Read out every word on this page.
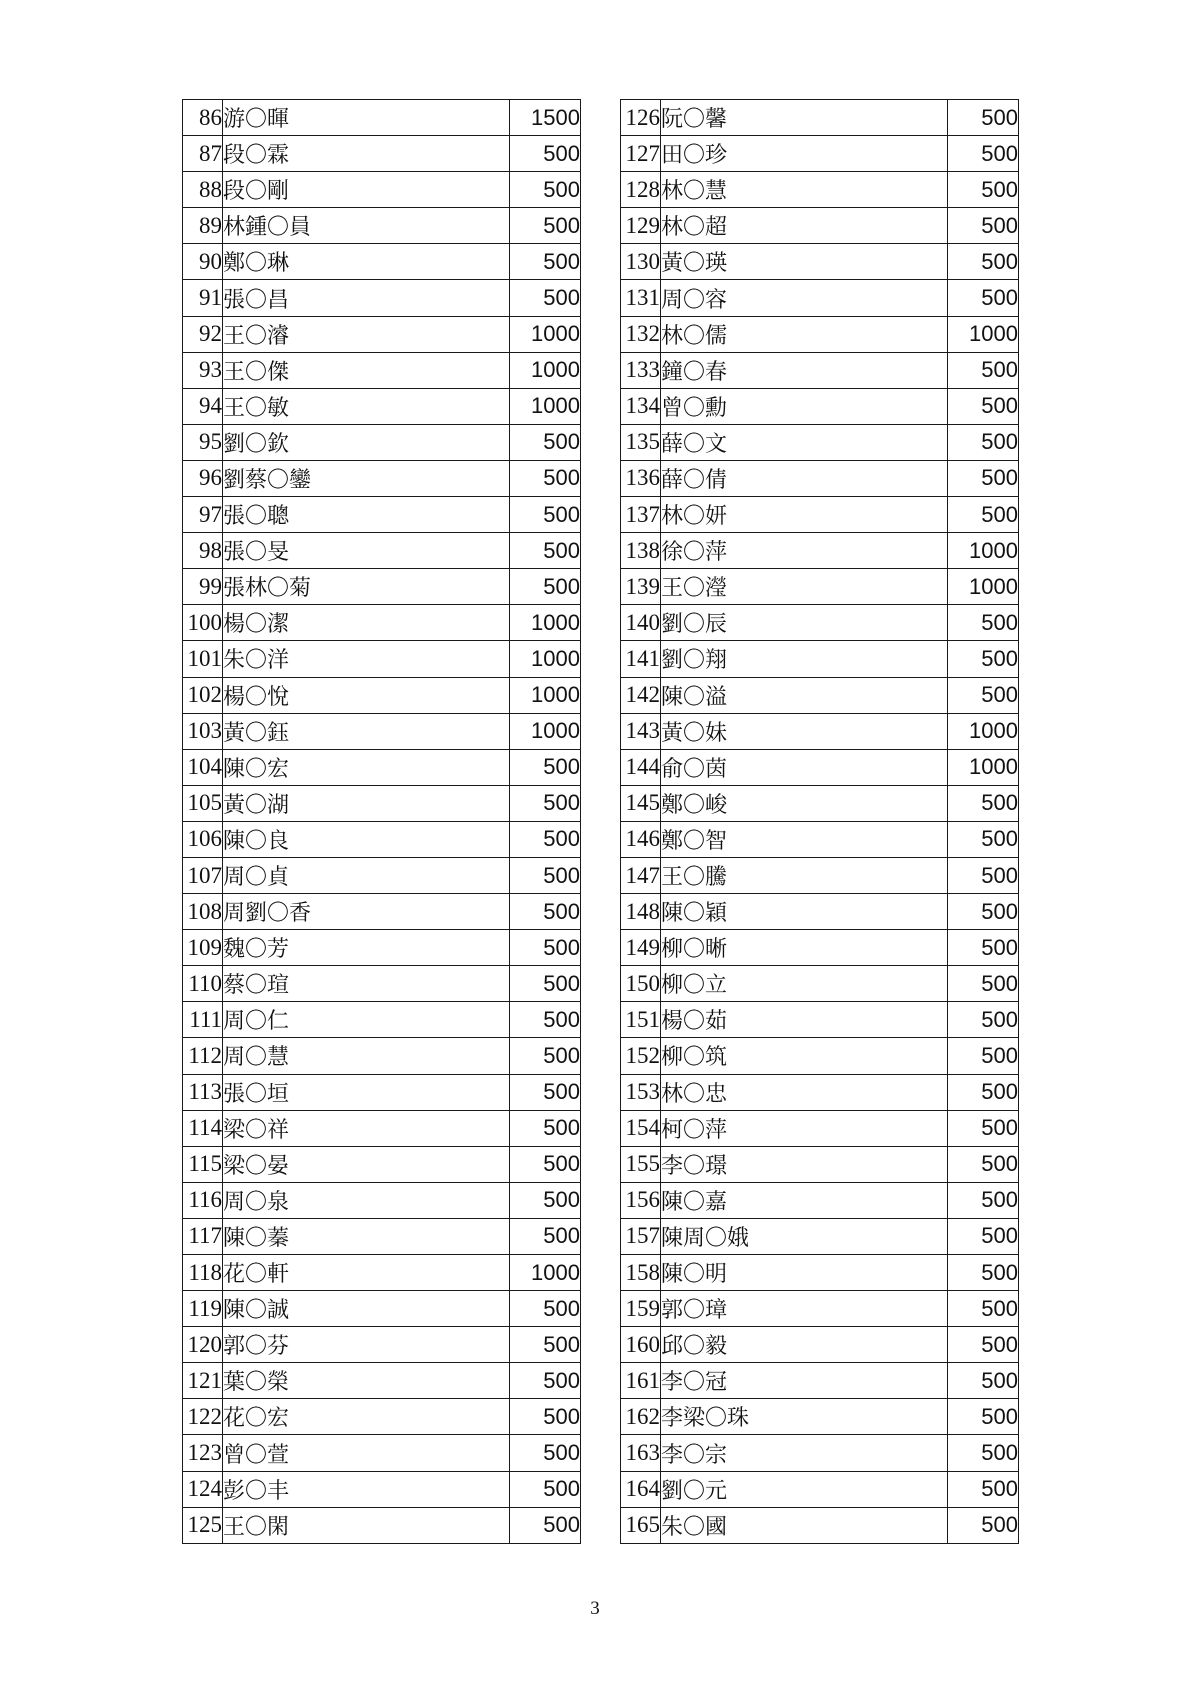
86	游〇暉	1500
87	段〇霖	500
88	段〇剛	500
89	林鍾〇員	500
90	鄭〇琳	500
91	張〇昌	500
92	王〇濬	1000
93	王〇傑	1000
94	王〇敏	1000
95	劉〇欽	500
96	劉蔡〇鑾	500
97	張〇聰	500
98	張〇旻	500
99	張林〇菊	500
100	楊〇潔	1000
101	朱〇洋	1000
102	楊〇悅	1000
103	黃〇鈺	1000
104	陳〇宏	500
105	黃〇湖	500
106	陳〇良	500
107	周〇貞	500
108	周劉〇香	500
109	魏〇芳	500
110	蔡〇瑄	500
111	周〇仁	500
112	周〇慧	500
113	張〇垣	500
114	梁〇祥	500
115	梁〇晏	500
116	周〇泉	500
117	陳〇蓁	500
118	花〇軒	1000
119	陳〇誠	500
120	郭〇芬	500
121	葉〇榮	500
122	花〇宏	500
123	曾〇萱	500
124	彭〇丰	500
125	王〇閑	500
126	阮〇馨	500
127	田〇珍	500
128	林〇慧	500
129	林〇超	500
130	黃〇瑛	500
131	周〇容	500
132	林〇儒	1000
133	鐘〇春	500
134	曾〇勳	500
135	薛〇文	500
136	薛〇倩	500
137	林〇妍	500
138	徐〇萍	1000
139	王〇瀅	1000
140	劉〇辰	500
141	劉〇翔	500
142	陳〇溢	500
143	黃〇妹	1000
144	俞〇茵	1000
145	鄭〇峻	500
146	鄭〇智	500
147	王〇騰	500
148	陳〇穎	500
149	柳〇晰	500
150	柳〇立	500
151	楊〇茹	500
152	柳〇筑	500
153	林〇忠	500
154	柯〇萍	500
155	李〇璟	500
156	陳〇嘉	500
157	陳周〇娥	500
158	陳〇明	500
159	郭〇璋	500
160	邱〇毅	500
161	李〇冠	500
162	李梁〇珠	500
163	李〇宗	500
164	劉〇元	500
165	朱〇國	500
3
